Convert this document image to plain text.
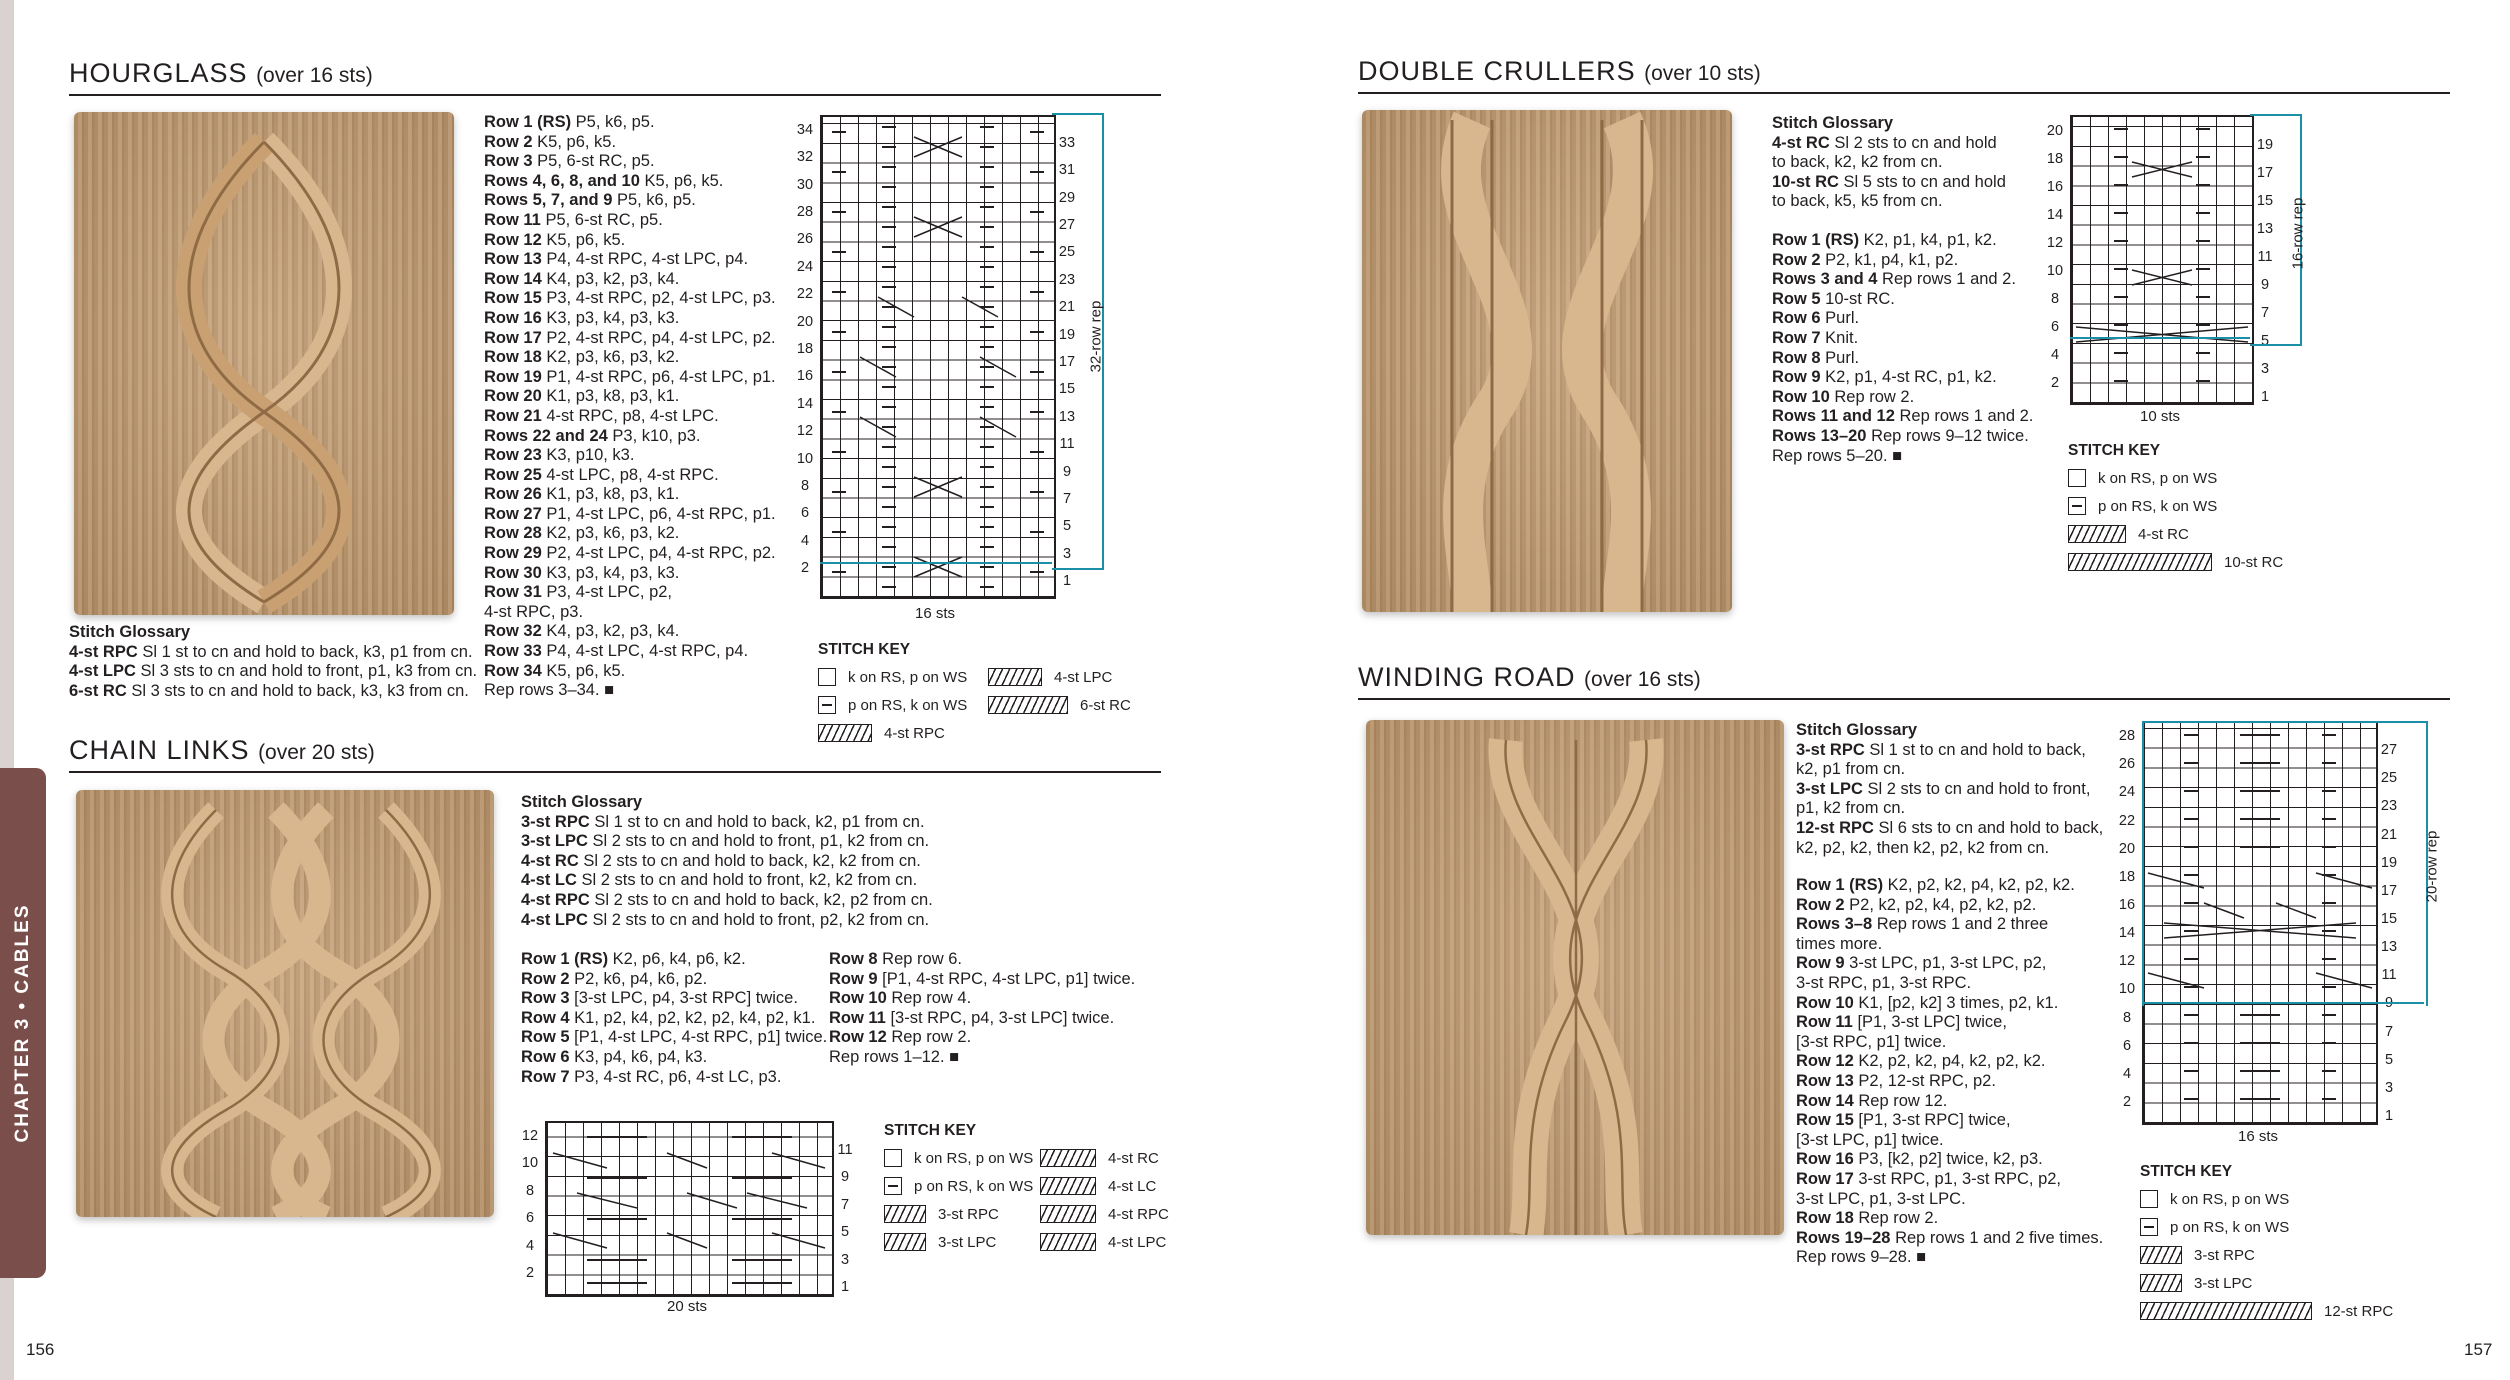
CHAPTER 3 • CABLES
HOURGLASS (over 16 sts)
Stitch Glossary
4-st RPC Sl 1 st to cn and hold to back, k3, p1 from cn.
4-st LPC Sl 3 sts to cn and hold to front, p1, k3 from cn.
6-st RC Sl 3 sts to cn and hold to back, k3, k3 from cn.
Row 1 (RS) P5, k6, p5.
Row 2 K5, p6, k5.
Row 3 P5, 6-st RC, p5.
Rows 4, 6, 8, and 10 K5, p6, k5.
Rows 5, 7, and 9 P5, k6, p5.
Row 11 P5, 6-st RC, p5.
Row 12 K5, p6, k5.
Row 13 P4, 4-st RPC, 4-st LPC, p4.
Row 14 K4, p3, k2, p3, k4.
Row 15 P3, 4-st RPC, p2, 4-st LPC, p3.
Row 16 K3, p3, k4, p3, k3.
Row 17 P2, 4-st RPC, p4, 4-st LPC, p2.
Row 18 K2, p3, k6, p3, k2.
Row 19 P1, 4-st RPC, p6, 4-st LPC, p1.
Row 20 K1, p3, k8, p3, k1.
Row 21 4-st RPC, p8, 4-st LPC.
Rows 22 and 24 P3, k10, p3.
Row 23 K3, p10, k3.
Row 25 4-st LPC, p8, 4-st RPC.
Row 26 K1, p3, k8, p3, k1.
Row 27 P1, 4-st LPC, p6, 4-st RPC, p1.
Row 28 K2, p3, k6, p3, k2.
Row 29 P2, 4-st LPC, p4, 4-st RPC, p2.
Row 30 K3, p3, k4, p3, k3.
Row 31 P3, 4-st LPC, p2,
4-st RPC, p3.
Row 32 K4, p3, k2, p3, k4.
Row 33 P4, 4-st LPC, 4-st RPC, p4.
Row 34 K5, p6, k5.
Rep rows 3–34. ■
34
32
30
28
26
24
22
20
18
16
14
12
10
8
6
4
2
33
31
29
27
25
23
21
19
17
15
13
11
9
7
5
3
1
32-row rep
16 sts
STITCH KEY
k on RS, p on WS
p on RS, k on WS
4-st RPC
4-st LPC
6-st RC
CHAIN LINKS (over 20 sts)
Stitch Glossary
3-st RPC Sl 1 st to cn and hold to back, k2, p1 from cn.
3-st LPC Sl 2 sts to cn and hold to front, p1, k2 from cn.
4-st RC Sl 2 sts to cn and hold to back, k2, k2 from cn.
4-st LC Sl 2 sts to cn and hold to front, k2, k2 from cn.
4-st RPC Sl 2 sts to cn and hold to back, k2, p2 from cn.
4-st LPC Sl 2 sts to cn and hold to front, p2, k2 from cn.
Row 1 (RS) K2, p6, k4, p6, k2.
Row 2 P2, k6, p4, k6, p2.
Row 3 [3-st LPC, p4, 3-st RPC] twice.
Row 4 K1, p2, k4, p2, k2, p2, k4, p2, k1.
Row 5 [P1, 4-st LPC, 4-st RPC, p1] twice.
Row 6 K3, p4, k6, p4, k3.
Row 7 P3, 4-st RC, p6, 4-st LC, p3.
Row 8 Rep row 6.
Row 9 [P1, 4-st RPC, 4-st LPC, p1] twice.
Row 10 Rep row 4.
Row 11 [3-st RPC, p4, 3-st LPC] twice.
Row 12 Rep row 2.
Rep rows 1–12. ■
12
10
8
6
4
2
11
9
7
5
3
1
20 sts
STITCH KEY
k on RS, p on WS
p on RS, k on WS
3-st RPC
3-st LPC
4-st RC
4-st LC
4-st RPC
4-st LPC
156
DOUBLE CRULLERS (over 10 sts)
Stitch Glossary
4-st RC Sl 2 sts to cn and hold
to back, k2, k2 from cn.
10-st RC Sl 5 sts to cn and hold
to back, k5, k5 from cn.
Row 1 (RS) K2, p1, k4, p1, k2.
Row 2 P2, k1, p4, k1, p2.
Rows 3 and 4 Rep rows 1 and 2.
Row 5 10-st RC.
Row 6 Purl.
Row 7 Knit.
Row 8 Purl.
Row 9 K2, p1, 4-st RC, p1, k2.
Row 10 Rep row 2.
Rows 11 and 12 Rep rows 1 and 2.
Rows 13–20 Rep rows 9–12 twice.
Rep rows 5–20. ■
20
18
16
14
12
10
8
6
4
2
19
17
15
13
11
9
7
5
3
1
16-row rep
10 sts
STITCH KEY
k on RS, p on WS
p on RS, k on WS
4-st RC
10-st RC
WINDING ROAD (over 16 sts)
Stitch Glossary
3-st RPC Sl 1 st to cn and hold to back,
k2, p1 from cn.
3-st LPC Sl 2 sts to cn and hold to front,
p1, k2 from cn.
12-st RPC Sl 6 sts to cn and hold to back,
k2, p2, k2, then k2, p2, k2 from cn.
Row 1 (RS) K2, p2, k2, p4, k2, p2, k2.
Row 2 P2, k2, p2, k4, p2, k2, p2.
Rows 3–8 Rep rows 1 and 2 three
times more.
Row 9 3-st LPC, p1, 3-st LPC, p2,
3-st RPC, p1, 3-st RPC.
Row 10 K1, [p2, k2] 3 times, p2, k1.
Row 11 [P1, 3-st LPC] twice,
[3-st RPC, p1] twice.
Row 12 K2, p2, k2, p4, k2, p2, k2.
Row 13 P2, 12-st RPC, p2.
Row 14 Rep row 12.
Row 15 [P1, 3-st RPC] twice,
[3-st LPC, p1] twice.
Row 16 P3, [k2, p2] twice, k2, p3.
Row 17 3-st RPC, p1, 3-st RPC, p2,
3-st LPC, p1, 3-st LPC.
Row 18 Rep row 2.
Rows 19–28 Rep rows 1 and 2 five times.
Rep rows 9–28. ■
28
26
24
22
20
18
16
14
12
10
8
6
4
2
27
25
23
21
19
17
15
13
11
9
7
5
3
1
20-row rep
16 sts
STITCH KEY
k on RS, p on WS
p on RS, k on WS
3-st RPC
3-st LPC
12-st RPC
157
